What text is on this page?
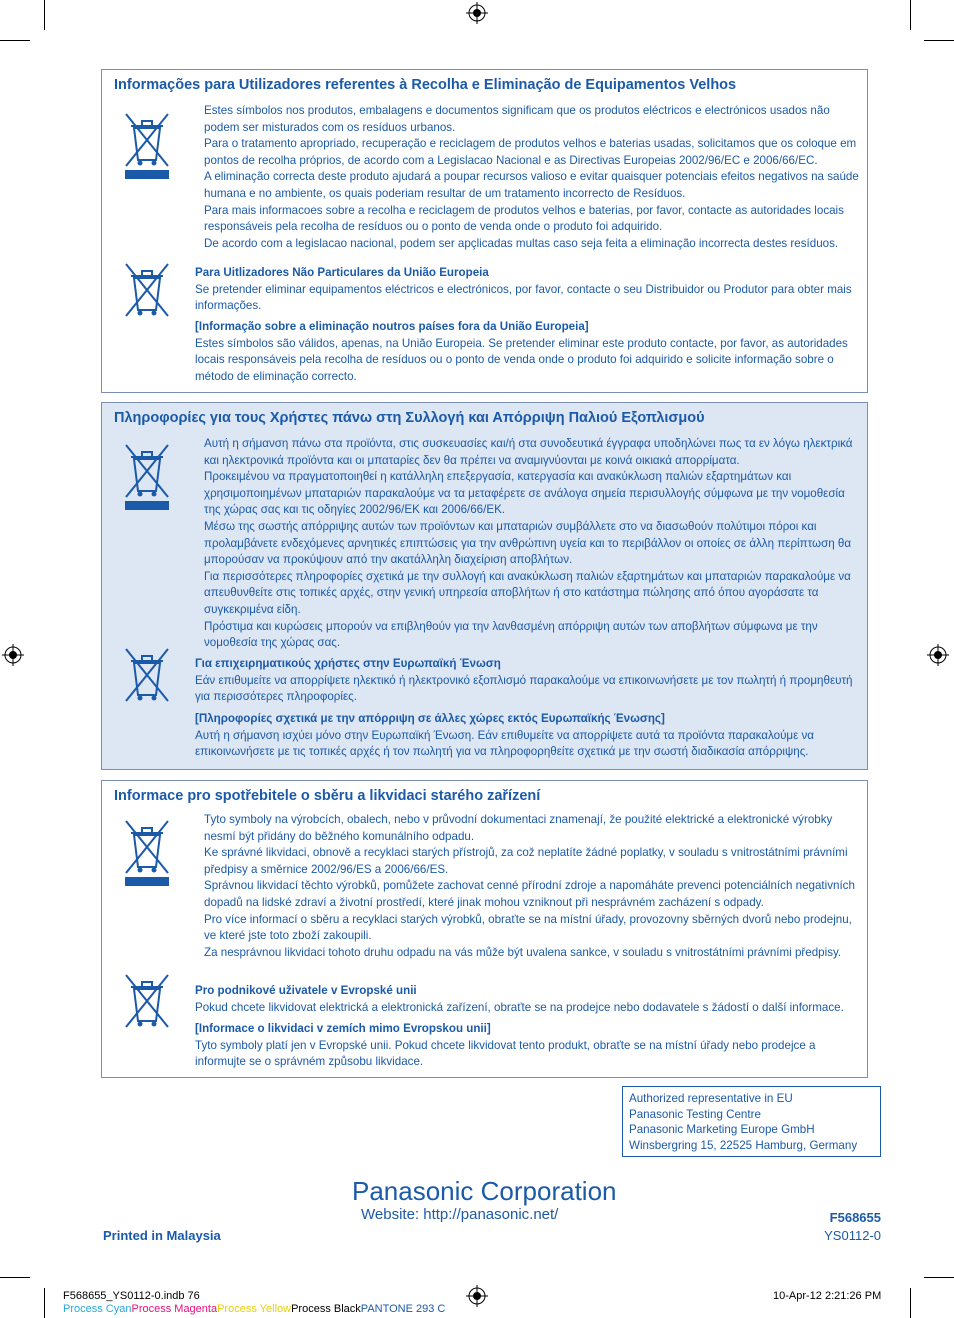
Informações para Utilizadores referentes à Recolha e Eliminação de Equipamentos Velhos

Estes símbolos nos produtos, embalagens e documentos significam que os produtos eléctricos e electrónicos usados não podem ser misturados com os resíduos urbanos.

Para o tratamento apropriado, recuperação e reciclagem de produtos velhos e baterias usadas, solicitamos que os coloque em pontos de recolha próprios, de acordo com a Legislacao Nacional e as Directivas Europeias 2002/96/EC e 2006/66/EC.

A eliminação correcta deste produto ajudará a poupar recursos valioso e evitar quaisquer potenciais efeitos negativos na saúde humana e no ambiente, os quais poderiam resultar de um tratamento incorrecto de Resíduos.

Para mais informacoes sobre a recolha e reciclagem de produtos velhos e baterias, por favor, contacte as autoridades locais responsáveis pela recolha de resíduos ou o ponto de venda onde o produto foi adquirido.

De acordo com a legislacao nacional, podem ser apçlicadas multas caso seja feita a eliminação incorrecta destes resíduos.

Para Uitlizadores Não Particulares da União Europeia

Se pretender eliminar equipamentos eléctricos e electrónicos, por favor, contacte o seu Distribuidor ou Produtor para obter mais informações.

[Informação sobre a eliminação noutros países fora da União Europeia]

Estes símbolos são válidos, apenas, na União Europeia. Se pretender eliminar este produto contacte, por favor, as autoridades locais responsáveis pela recolha de resíduos ou o ponto de venda onde o produto foi adquirido e solicite informação sobre o método de eliminação correcto.

Πληροφορίες για τους Χρήστες πάνω στη Συλλογή και Απόρριψη Παλιού Εξοπλισμού

Αυτή η σήμανση πάνω στα προϊόντα, στις συσκευασίες και/ή στα συνοδευτικά έγγραφα υποδηλώνει πως τα εν λόγω ηλεκτρικά και ηλεκτρονικά προϊόντα και οι μπαταρίες δεν θα πρέπει να αναμιγνύονται με κοινά οικιακά απορρίματα.

Προκειμένου να πραγματοποιηθεί η κατάλληλη επεξεργασία, κατεργασία και ανακύκλωση παλιών εξαρτημάτων και χρησιμοποιημένων μπαταριών παρακαλούμε να τα μεταφέρετε σε ανάλογα σημεία περισυλλογής σύμφωνα με την νομοθεσία της χώρας σας και τις οδηγίες 2002/96/ΕΚ και 2006/66/ΕΚ.

Μέσω της σωστής απόρριψης αυτών των προϊόντων και μπαταριών συμβάλλετε στο να διασωθούν πολύτιμοι πόροι και προλαμβάνετε ενδεχόμενες αρνητικές επιπτώσεις για την ανθρώπινη υγεία και το περιβάλλον οι οποίες σε άλλη περίπτωση θα μπορούσαν να προκύψουν από την ακατάλληλη διαχείριση αποβλήτων.

Για περισσότερες πληροφορίες σχετικά με την συλλογή και ανακύκλωση παλιών εξαρτημάτων και μπαταριών παρακαλούμε να απευθυνθείτε στις τοπικές αρχές, στην γενική υπηρεσία αποβλήτων ή στο κατάστημα πώλησης από όπου αγοράσατε τα συγκεκριμένα είδη.

Πρόστιμα και κυρώσεις μπορούν να επιβληθούν για την λανθασμένη απόρριψη αυτών των αποβλήτων σύμφωνα με την νομοθεσία της χώρας σας.

Για επιχειρηματικούς χρήστες στην Ευρωπαϊκή Ένωση

Εάν επιθυμείτε να απορρίψετε ηλεκτικό ή ηλεκτρονικό εξοπλισμό παρακαλούμε να επικοινωνήσετε με τον πωλητή ή προμηθευτή για περισσότερες πληροφορίες.

[Πληροφορίες σχετικά με την απόρριψη σε άλλες χώρες εκτός Ευρωπαϊκής Ένωσης]

Αυτή η σήμανση ισχύει μόνο στην Ευρωπαϊκή Ένωση. Εάν επιθυμείτε να απορρίψετε αυτά τα προϊόντα παρακαλούμε να επικοινωνήσετε με τις τοπικές αρχές ή τον πωλητή για να πληροφορηθείτε σχετικά με την σωστή διαδικασία απόρριψης.

Informace pro spotřebitele o sběru a likvidaci starého zařízení

Tyto symboly na výrobcích, obalech, nebo v průvodní dokumentaci znamenají, že použité elektrické a elektronické výrobky nesmí být přidány do běžného komunálního odpadu.

Ke správné likvidaci, obnově a recyklaci starých přístrojů, za což neplatíte žádné poplatky, v souladu s vnitrostátními právními předpisy a směrnice 2002/96/ES a 2006/66/ES.

Správnou likvidací těchto výrobků, pomůžete zachovat cenné přírodní zdroje a napomáháte prevenci potenciálních negativních dopadů na lidské zdraví a životní prostředí, které jinak mohou vzniknout při nesprávném zacházení s odpady.

Pro více informací o sběru a recyklaci starých výrobků, obraťte se na místní úřady, provozovny sběrných dvorů nebo prodejnu, ve které jste toto zboží zakoupili.

Za nesprávnou likvidaci tohoto druhu odpadu na vás může být uvalena sankce, v souladu s vnitrostátními právními předpisy.

Pro podnikové uživatele v Evropské unii

Pokud chcete likvidovat elektrická a elektronická zařízení, obraťte se na prodejce nebo dodavatele s žádostí o další informace.

[Informace o likvidaci v zemích mimo Evropskou unii]

Tyto symboly platí jen v Evropské unii. Pokud chcete likvidovat tento produkt, obraťte se na místní úřady nebo prodejce a informujte se o správném způsobu likvidace.

Authorized representative in EU
Panasonic Testing Centre
Panasonic Marketing Europe GmbH
Winsbergring 15, 22525 Hamburg, Germany
Panasonic Corporation
Website: http://panasonic.net/
Printed in Malaysia
F568655
YS0112-0
F568655_YS0112-0.indb 76	10-Apr-12 2:21:26 PM
Process CyanProcess MagentaProcess YellowProcess BlackPANTONE 293 C
